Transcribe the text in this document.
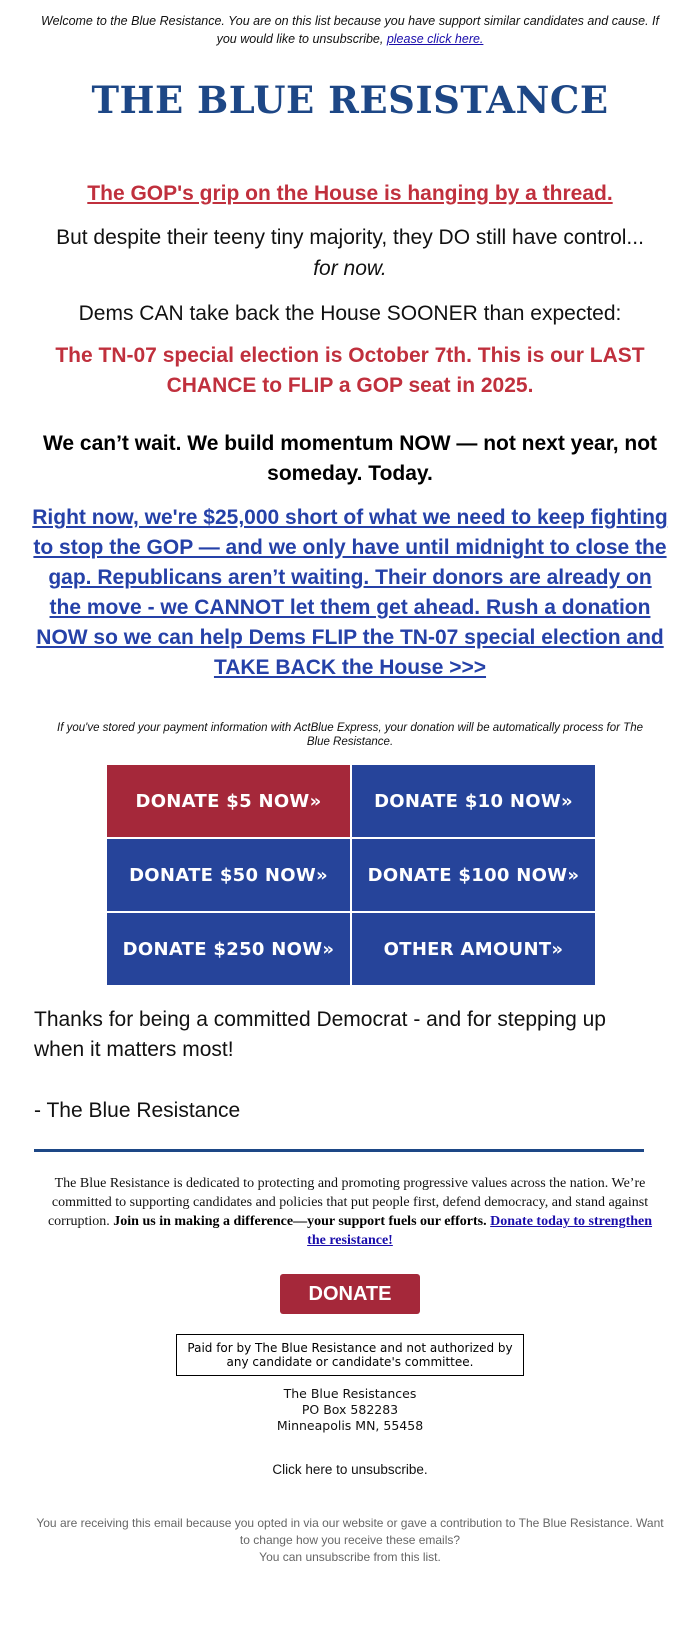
Welcome to the Blue Resistance. You are on this list because you have support similar candidates and cause. If you would like to unsubscribe, please click here.
THE BLUE RESISTANCE
The GOP's grip on the House is hanging by a thread.
But despite their teeny tiny majority, they DO still have control...
for now.
Dems CAN take back the House SOONER than expected:
The TN-07 special election is October 7th. This is our LAST CHANCE to FLIP a GOP seat in 2025.
We can’t wait. We build momentum NOW — not next year, not someday. Today.
Right now, we're $25,000 short of what we need to keep fighting to stop the GOP — and we only have until midnight to close the gap. Republicans aren’t waiting. Their donors are already on the move - we CANNOT let them get ahead. Rush a donation NOW so we can help Dems FLIP the TN-07 special election and TAKE BACK the House >>>
If you've stored your payment information with ActBlue Express, your donation will be automatically process for The Blue Resistance.
DONATE $5 NOW»	DONATE $10 NOW»
DONATE $50 NOW»	DONATE $100 NOW»
DONATE $250 NOW»	OTHER AMOUNT»
Thanks for being a committed Democrat - and for stepping up when it matters most!
- The Blue Resistance
The Blue Resistance is dedicated to protecting and promoting progressive values across the nation. We’re committed to supporting candidates and policies that put people first, defend democracy, and stand against corruption. Join us in making a difference—your support fuels our efforts. Donate today to strengthen the resistance!
DONATE
Paid for by The Blue Resistance and not authorized by any candidate or candidate's committee.
The Blue Resistances
PO Box 582283
Minneapolis MN, 55458
Click here to unsubscribe.
You are receiving this email because you opted in via our website or gave a contribution to The Blue Resistance. Want to change how you receive these emails?
You can unsubscribe from this list.
